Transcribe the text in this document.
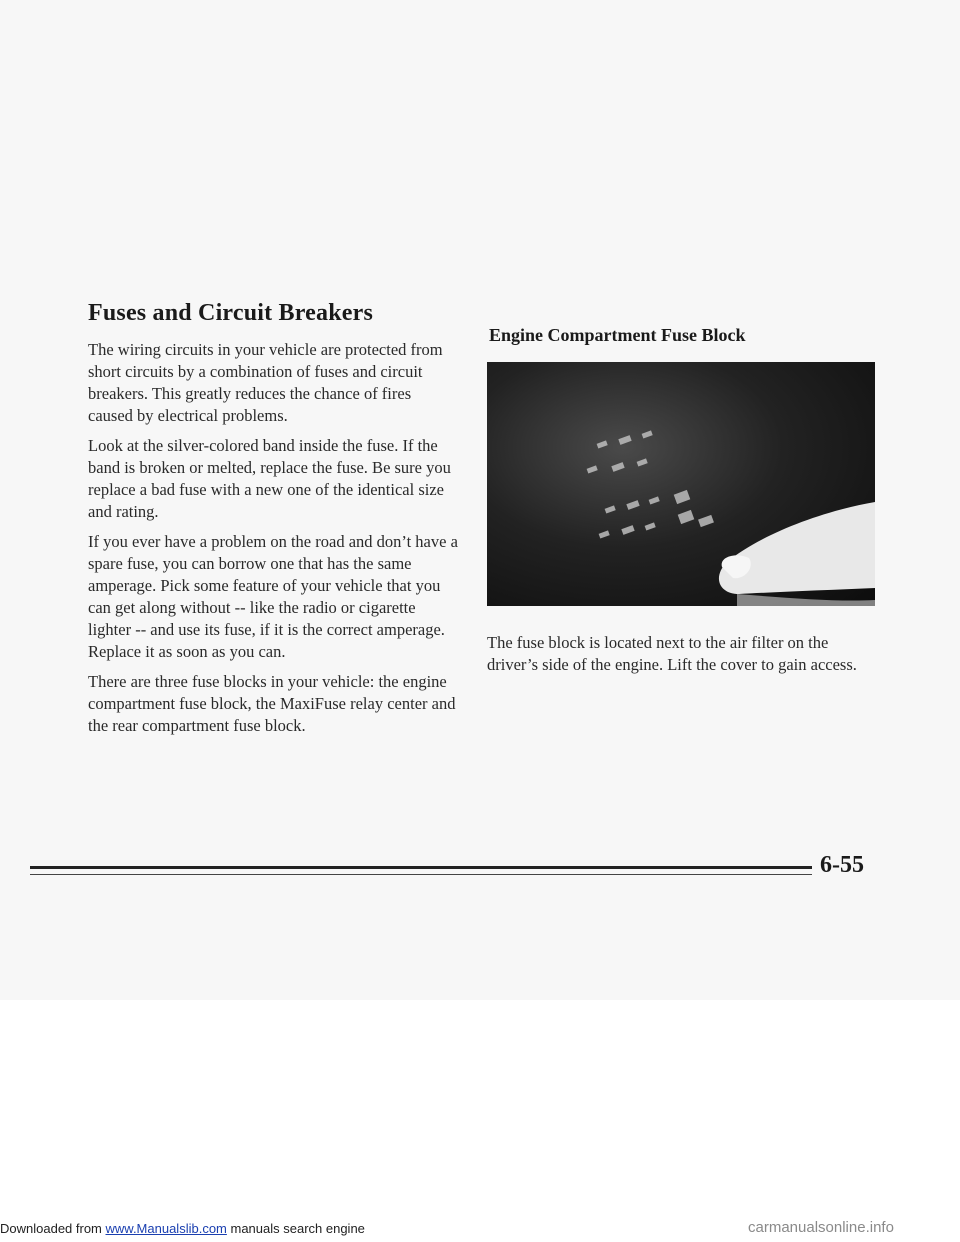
Fuses and Circuit Breakers

The wiring circuits in your vehicle are protected from short circuits by a combination of fuses and circuit breakers. This greatly reduces the chance of fires caused by electrical problems.

Look at the silver-colored band inside the fuse. If the band is broken or melted, replace the fuse. Be sure you replace a bad fuse with a new one of the identical size and rating.

If you ever have a problem on the road and don’t have a spare fuse, you can borrow one that has the same amperage. Pick some feature of your vehicle that you can get along without -- like the radio or cigarette lighter -- and use its fuse, if it is the correct amperage. Replace it as soon as you can.

There are three fuse blocks in your vehicle: the engine compartment fuse block, the MaxiFuse relay center and the rear compartment fuse block.

Engine Compartment Fuse Block

The fuse block is located next to the air filter on the driver’s side of the engine. Lift the cover to gain access.

6-55
Downloaded from www.Manualslib.com manuals search engine	carmanualsonline.info
